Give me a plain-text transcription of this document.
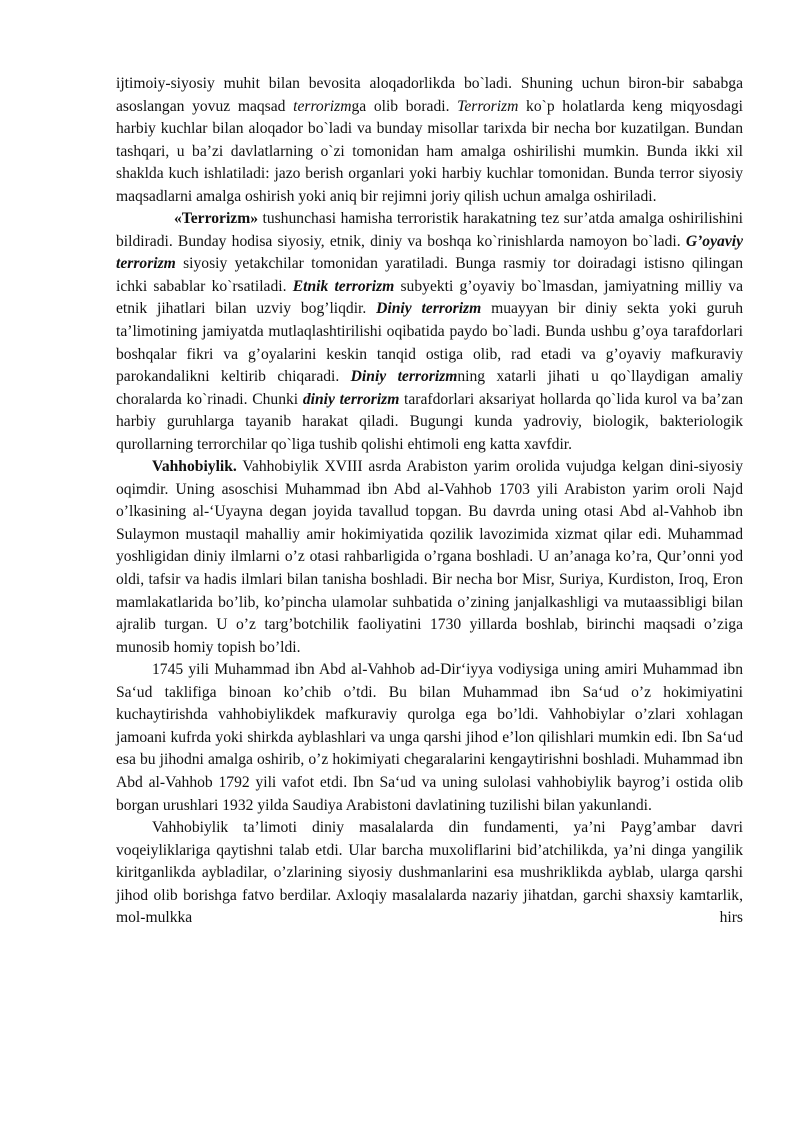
ijtimoiy-siyosiy muhit bilan bevosita aloqadorlikda bo`ladi. Shuning uchun biron-bir sababga asoslangan yovuz maqsad terrorizmga olib boradi. Terrorizm ko`p holatlarda keng miqyosdagi harbiy kuchlar bilan aloqador bo`ladi va bunday misollar tarixda bir necha bor kuzatilgan. Bundan tashqari, u ba’zi davlatlarning o`zi tomonidan ham amalga oshirilishi mumkin. Bunda ikki xil shaklda kuch ishlatiladi: jazo berish organlari yoki harbiy kuchlar tomonidan. Bunda terror siyosiy maqsadlarni amalga oshirish yoki aniq bir rejimni joriy qilish uchun amalga oshiriladi.

«Terrorizm» tushunchasi hamisha terroristik harakatning tez sur’atda amalga oshirilishini bildiradi. Bunday hodisa siyosiy, etnik, diniy va boshqa ko`rinishlarda namoyon bo`ladi. G’oyaviy terrorizm siyosiy yetakchilar tomonidan yaratiladi. Bunga rasmiy tor doiradagi istisno qilingan ichki sabablar ko`rsatiladi. Etnik terrorizm subyekti g’oyaviy bo`lmasdan, jamiyatning milliy va etnik jihatlari bilan uzviy bog’liqdir. Diniy terrorizm muayyan bir diniy sekta yoki guruh ta’limotining jamiyatda mutlaqlashtirilishi oqibatida paydo bo`ladi. Bunda ushbu g’oya tarafdorlari boshqalar fikri va g’oyalarini keskin tanqid ostiga olib, rad etadi va g’oyaviy mafkuraviy parokandalikni keltirib chiqaradi. Diniy terrorizmning xatarli jihati u qo`llaydigan amaliy choralarda ko`rinadi. Chunki diniy terrorizm tarafdorlari aksariyat hollarda qo`lida kurol va ba’zan harbiy guruhlarga tayanib harakat qiladi. Bugungi kunda yadroviy, biologik, bakteriologik qurollarning terrorchilar qo`liga tushib qolishi ehtimoli eng katta xavfdir.

Vahhobiylik. Vahhobiylik XVIII asrda Arabiston yarim orolida vujudga kelgan dini-siyosiy oqimdir. Uning asoschisi Muhammad ibn Abd al-Vahhob 1703 yili Arabiston yarim oroli Najd o’lkasining al-‘Uyayna degan joyida tavallud topgan. Bu davrda uning otasi Abd al-Vahhob ibn Sulaymon mustaqil mahalliy amir hokimiyatida qozilik lavozimida xizmat qilar edi. Muhammad yoshligidan diniy ilmlarni o’z otasi rahbarligida o’rgana boshladi. U an’anaga ko’ra, Qur’onni yod oldi, tafsir va hadis ilmlari bilan tanisha boshladi. Bir necha bor Misr, Suriya, Kurdiston, Iroq, Eron mamlakatlarida bo’lib, ko’pincha ulamolar suhbatida o’zining janjalkashligi va mutaassibligi bilan ajralib turgan. U o’z targ’botchilik faoliyatini 1730 yillarda boshlab, birinchi maqsadi o’ziga munosib homiy topish bo’ldi.

1745 yili Muhammad ibn Abd al-Vahhob ad-Dir‘iyya vodiysiga uning amiri Muhammad ibn Sa‘ud taklifiga binoan ko’chib o’tdi. Bu bilan Muhammad ibn Sa‘ud o’z hokimiyatini kuchaytirishda vahhobiylikdek mafkuraviy qurolga ega bo’ldi. Vahhobiylar o’zlari xohlagan jamoani kufrda yoki shirkda ayblashlari va unga qarshi jihod e’lon qilishlari mumkin edi. Ibn Sa‘ud esa bu jihodni amalga oshirib, o’z hokimiyati chegaralarini kengaytirishni boshladi. Muhammad ibn Abd al-Vahhob 1792 yili vafot etdi. Ibn Sa‘ud va uning sulolasi vahhobiylik bayrog’i ostida olib borgan urushlari 1932 yilda Saudiya Arabistoni davlatining tuzilishi bilan yakunlandi.

Vahhobiylik ta’limoti diniy masalalarda din fundamenti, ya’ni Payg’ambar davri voqeiyliklariga qaytishni talab etdi. Ular barcha muxoliflarini bid’atchilikda, ya’ni dinga yangilik kiritganlikda aybladilar, o’zlarining siyosiy dushmanlarini esa mushriklikda ayblab, ularga qarshi jihod olib borishga fatvo berdilar. Axloqiy masalalarda nazariy jihatdan, garchi shaxsiy kamtarlik, mol-mulkka hirs
